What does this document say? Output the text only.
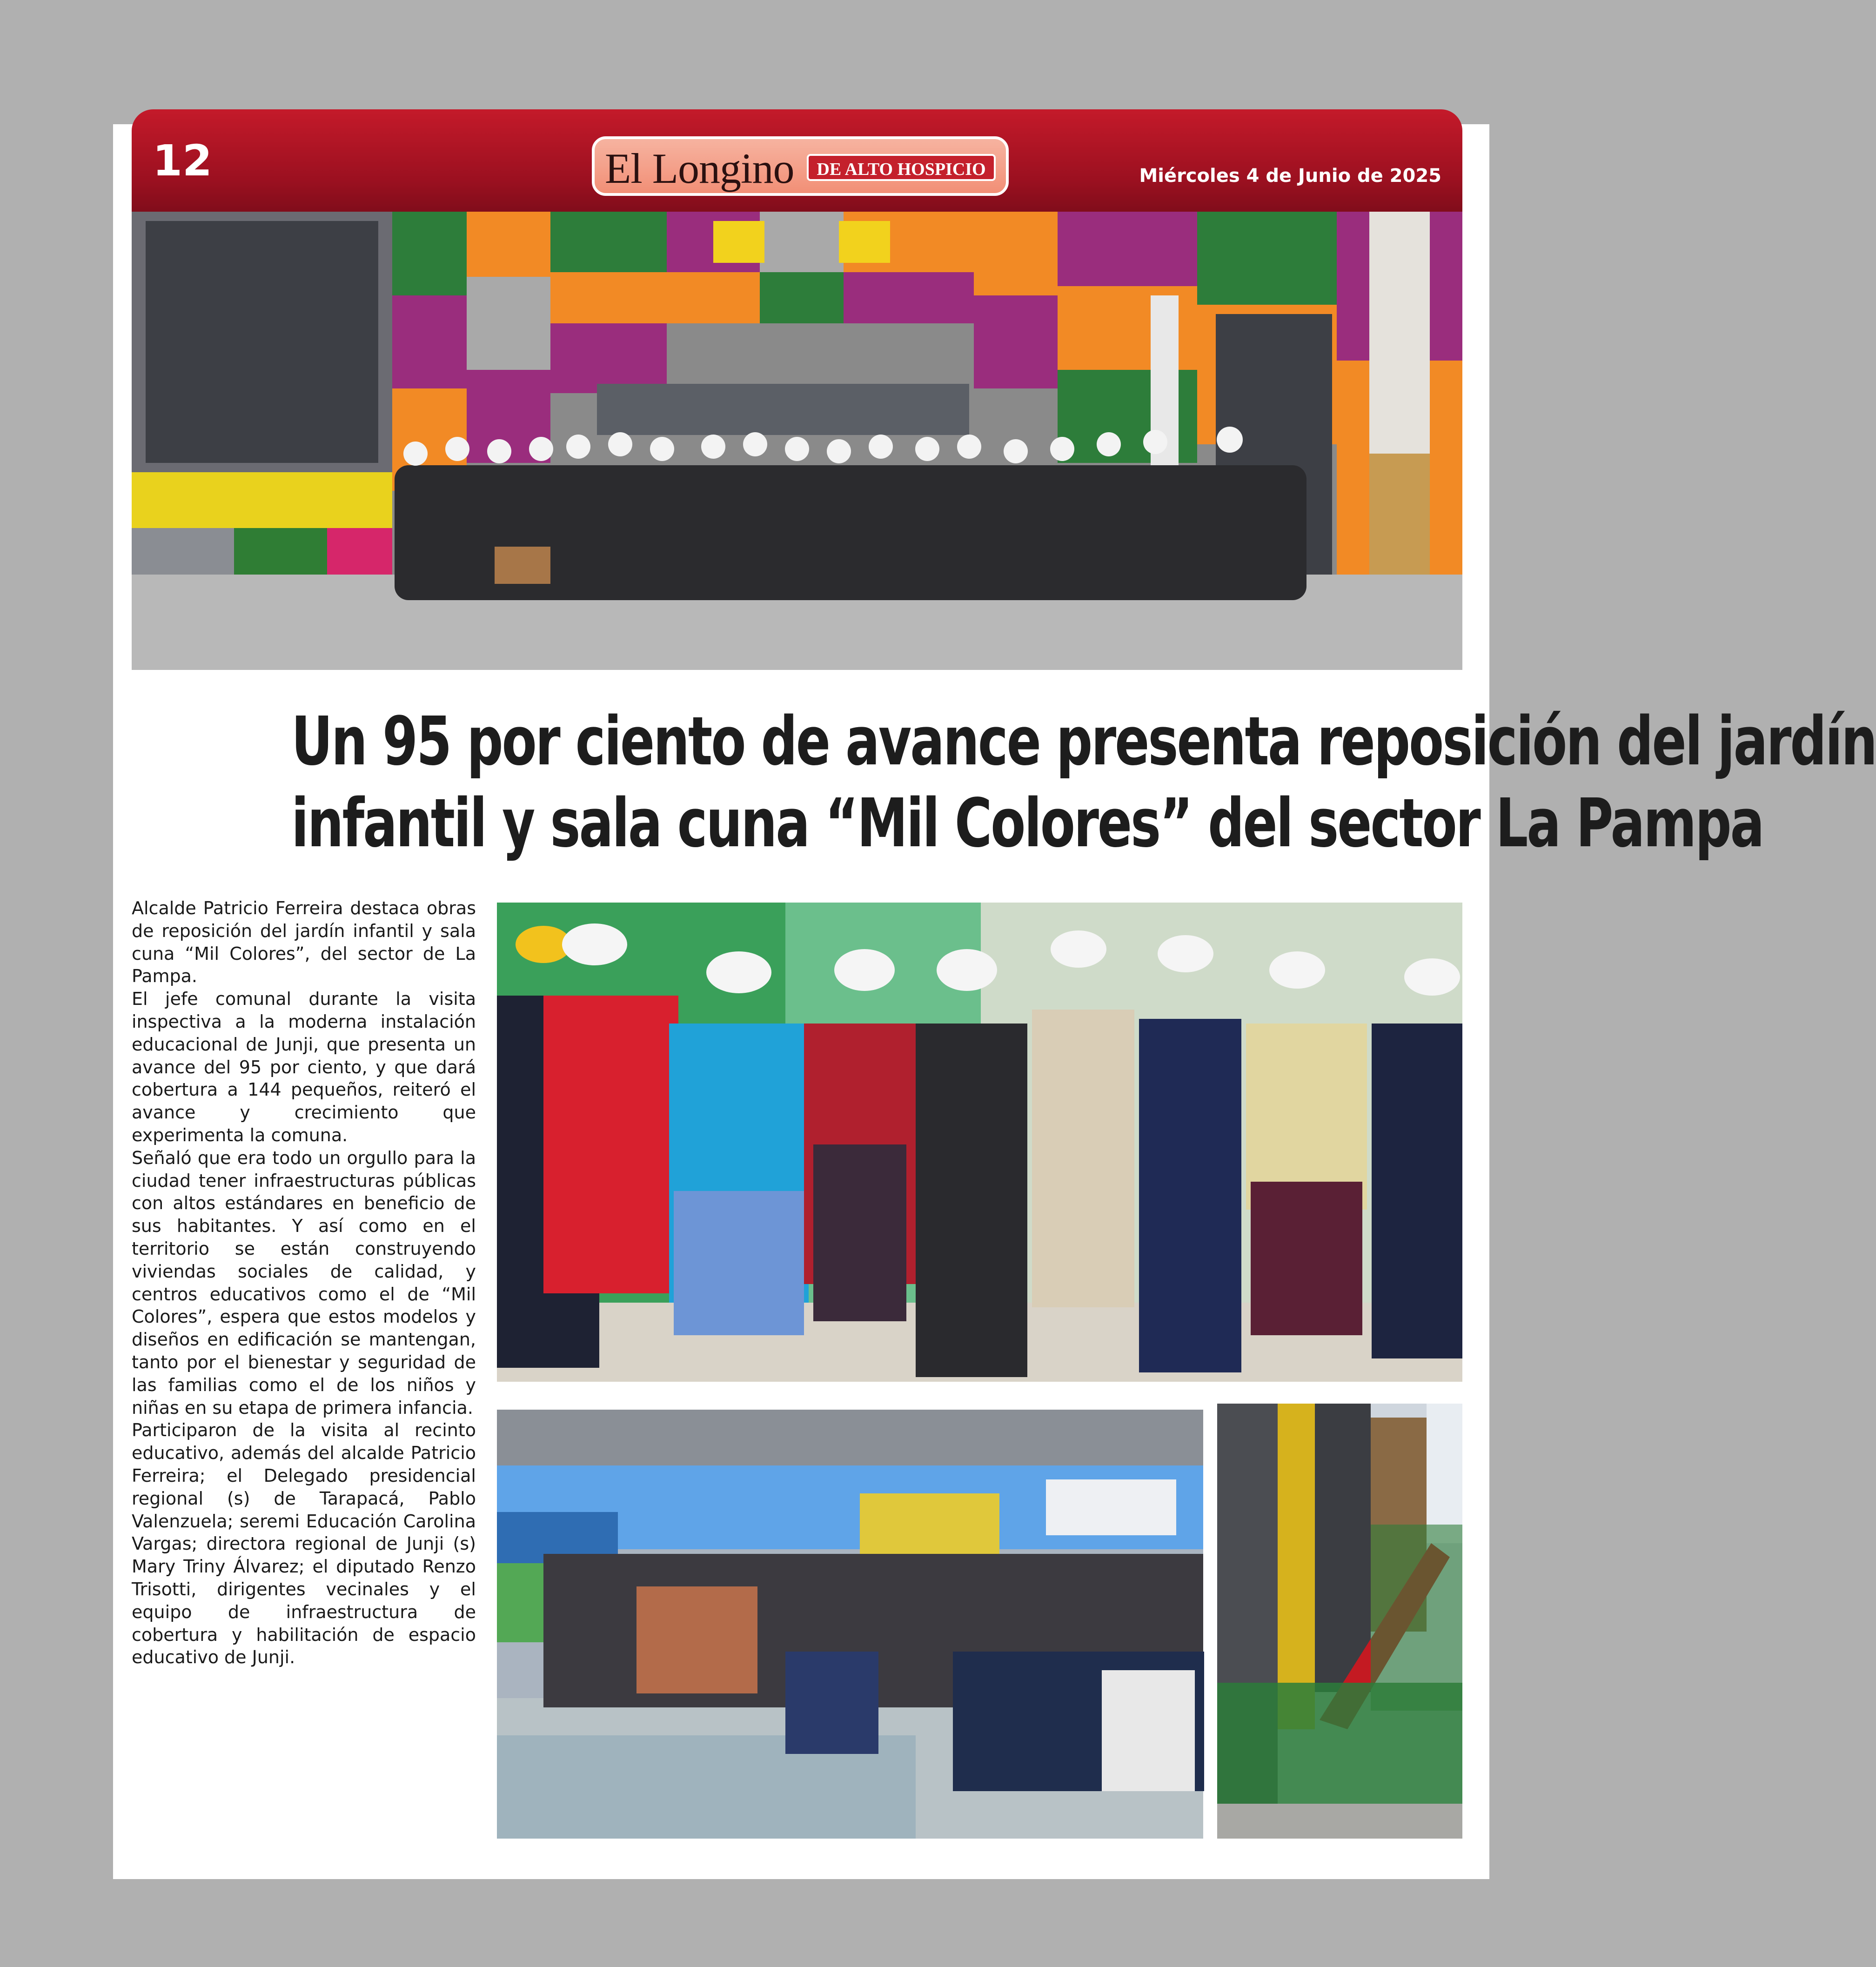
12	El Longino	DE ALTO HOSPICIO	Miércoles 4 de Junio de 2025
Un 95 por ciento de avance presenta reposición del jardín
infantil y sala cuna “Mil Colores” del sector La Pampa

Alcalde Patricio Ferreira destaca obras de reposición del jardín infantil y sala cuna “Mil Colores”, del sector de La Pampa.

El jefe comunal durante la visita inspectiva a la moderna instalación educacional de Junji, que presenta un avance del 95 por ciento, y que dará cobertura a 144 pequeños, reiteró el avance y crecimiento que experimenta la comuna.

Señaló que era todo un orgullo para la ciudad tener infraestructuras públicas con altos estándares en beneficio de sus habitantes. Y así como en el territorio se están construyendo viviendas sociales de calidad, y centros educativos como el de “Mil Colores”, espera que estos modelos y diseños en edificación se mantengan, tanto por el bienestar y seguridad de las familias como el de los niños y niñas en su etapa de primera infancia.

Participaron de la visita al recinto educativo, además del alcalde Patricio Ferreira; el Delegado presidencial regional (s) de Tarapacá, Pablo Valenzuela; seremi Educación Carolina Vargas; directora regional de Junji (s) Mary Triny Álvarez; el diputado Renzo Trisotti, dirigentes vecinales y el equipo de infraestructura de cobertura y habilitación de espacio educativo de Junji.
